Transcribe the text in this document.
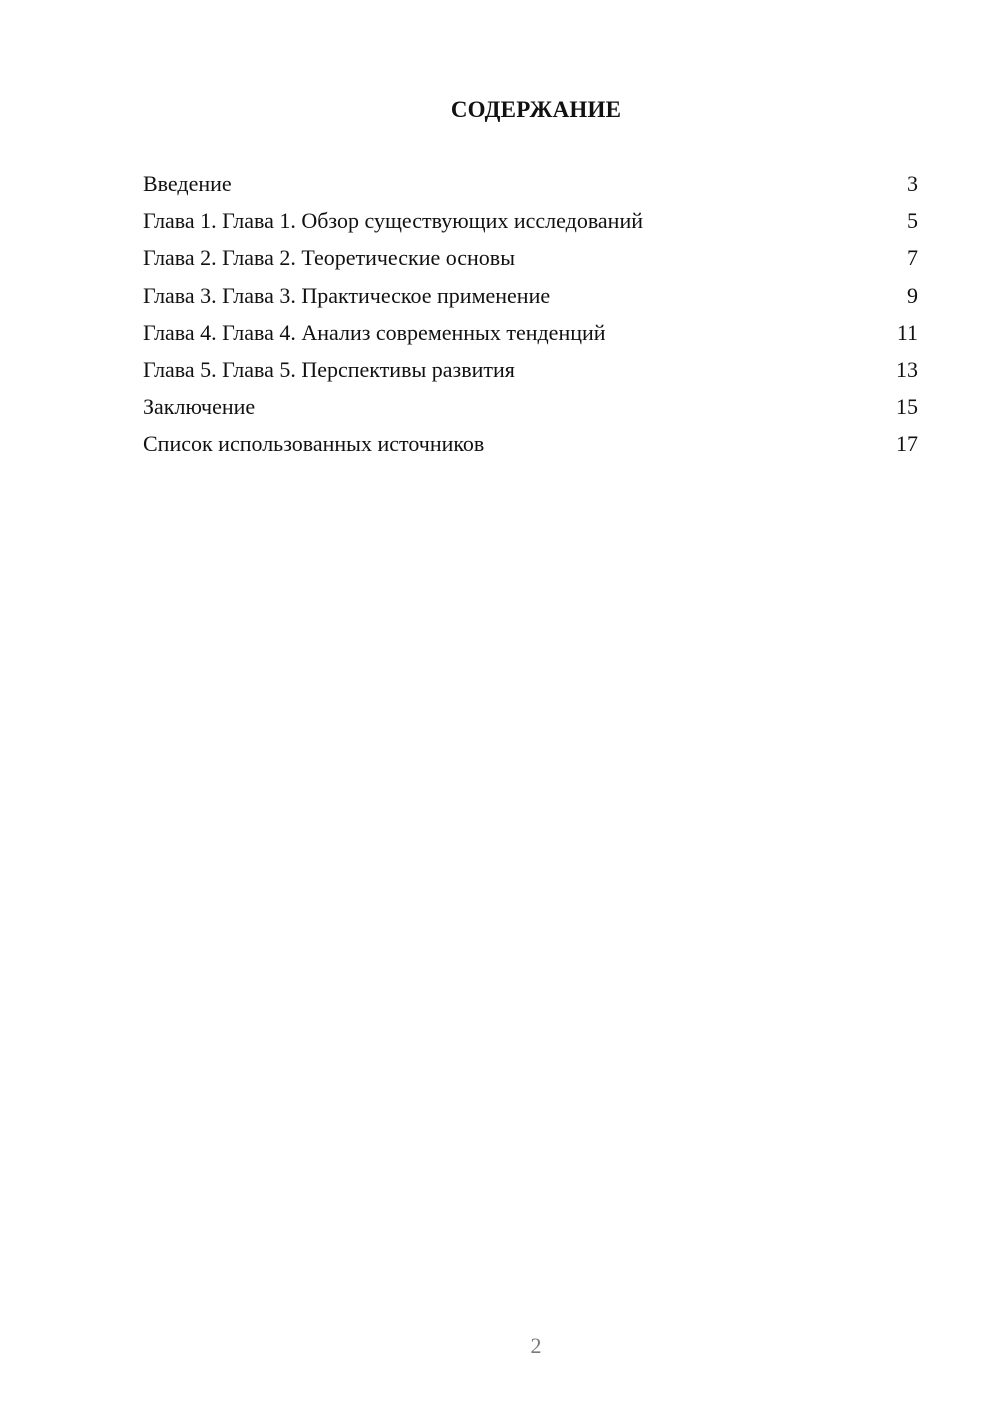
СОДЕРЖАНИЕ
Введение	3
Глава 1. Глава 1. Обзор существующих исследований	5
Глава 2. Глава 2. Теоретические основы	7
Глава 3. Глава 3. Практическое применение	9
Глава 4. Глава 4. Анализ современных тенденций	11
Глава 5. Глава 5. Перспективы развития	13
Заключение	15
Список использованных источников	17
2
